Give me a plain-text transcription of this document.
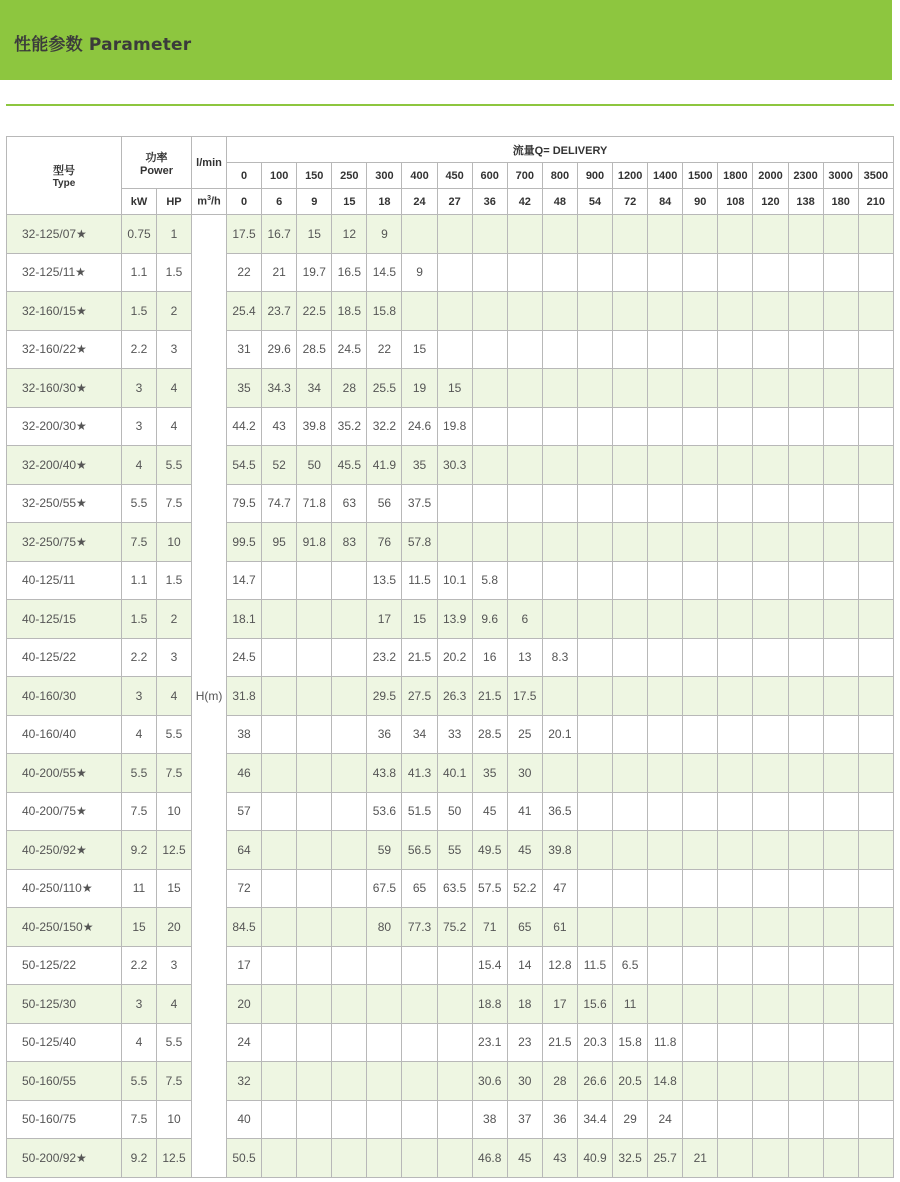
性能参数 Parameter
型号
Type	功率
Power		l/min	流量Q= DELIVERY																		
				0	100	150	250	300	400	450	600	700	800	900	1200	1400	1500	1800	2000	2300	3000	3500
	kW	HP	$m^3/h$	0	6	9	15	18	24	27	36	42	48	54	72	84	90	108	120	138	180	210
32-125/07★	0.75	1	H(m)	17.5	16.7	15	12	9														
32-125/11★	1.1	1.5		22	21	19.7	16.5	14.5	9													
32-160/15★	1.5	2		25.4	23.7	22.5	18.5	15.8														
32-160/22★	2.2	3		31	29.6	28.5	24.5	22	15													
32-160/30★	3	4		35	34.3	34	28	25.5	19	15												
32-200/30★	3	4		44.2	43	39.8	35.2	32.2	24.6	19.8												
32-200/40★	4	5.5		54.5	52	50	45.5	41.9	35	30.3												
32-250/55★	5.5	7.5		79.5	74.7	71.8	63	56	37.5													
32-250/75★	7.5	10		99.5	95	91.8	83	76	57.8													
40-125/11	1.1	1.5		14.7				13.5	11.5	10.1	5.8											
40-125/15	1.5	2		18.1				17	15	13.9	9.6	6										
40-125/22	2.2	3		24.5				23.2	21.5	20.2	16	13	8.3									
40-160/30	3	4		31.8				29.5	27.5	26.3	21.5	17.5										
40-160/40	4	5.5		38				36	34	33	28.5	25	20.1									
40-200/55★	5.5	7.5		46				43.8	41.3	40.1	35	30										
40-200/75★	7.5	10		57				53.6	51.5	50	45	41	36.5									
40-250/92★	9.2	12.5		64				59	56.5	55	49.5	45	39.8									
40-250/110★	11	15		72				67.5	65	63.5	57.5	52.2	47									
40-250/150★	15	20		84.5				80	77.3	75.2	71	65	61									
50-125/22	2.2	3		17							15.4	14	12.8	11.5	6.5							
50-125/30	3	4		20							18.8	18	17	15.6	11							
50-125/40	4	5.5		24							23.1	23	21.5	20.3	15.8	11.8						
50-160/55	5.5	7.5		32							30.6	30	28	26.6	20.5	14.8						
50-160/75	7.5	10		40							38	37	36	34.4	29	24						
50-200/92★	9.2	12.5		50.5							46.8	45	43	40.9	32.5	25.7	21					
